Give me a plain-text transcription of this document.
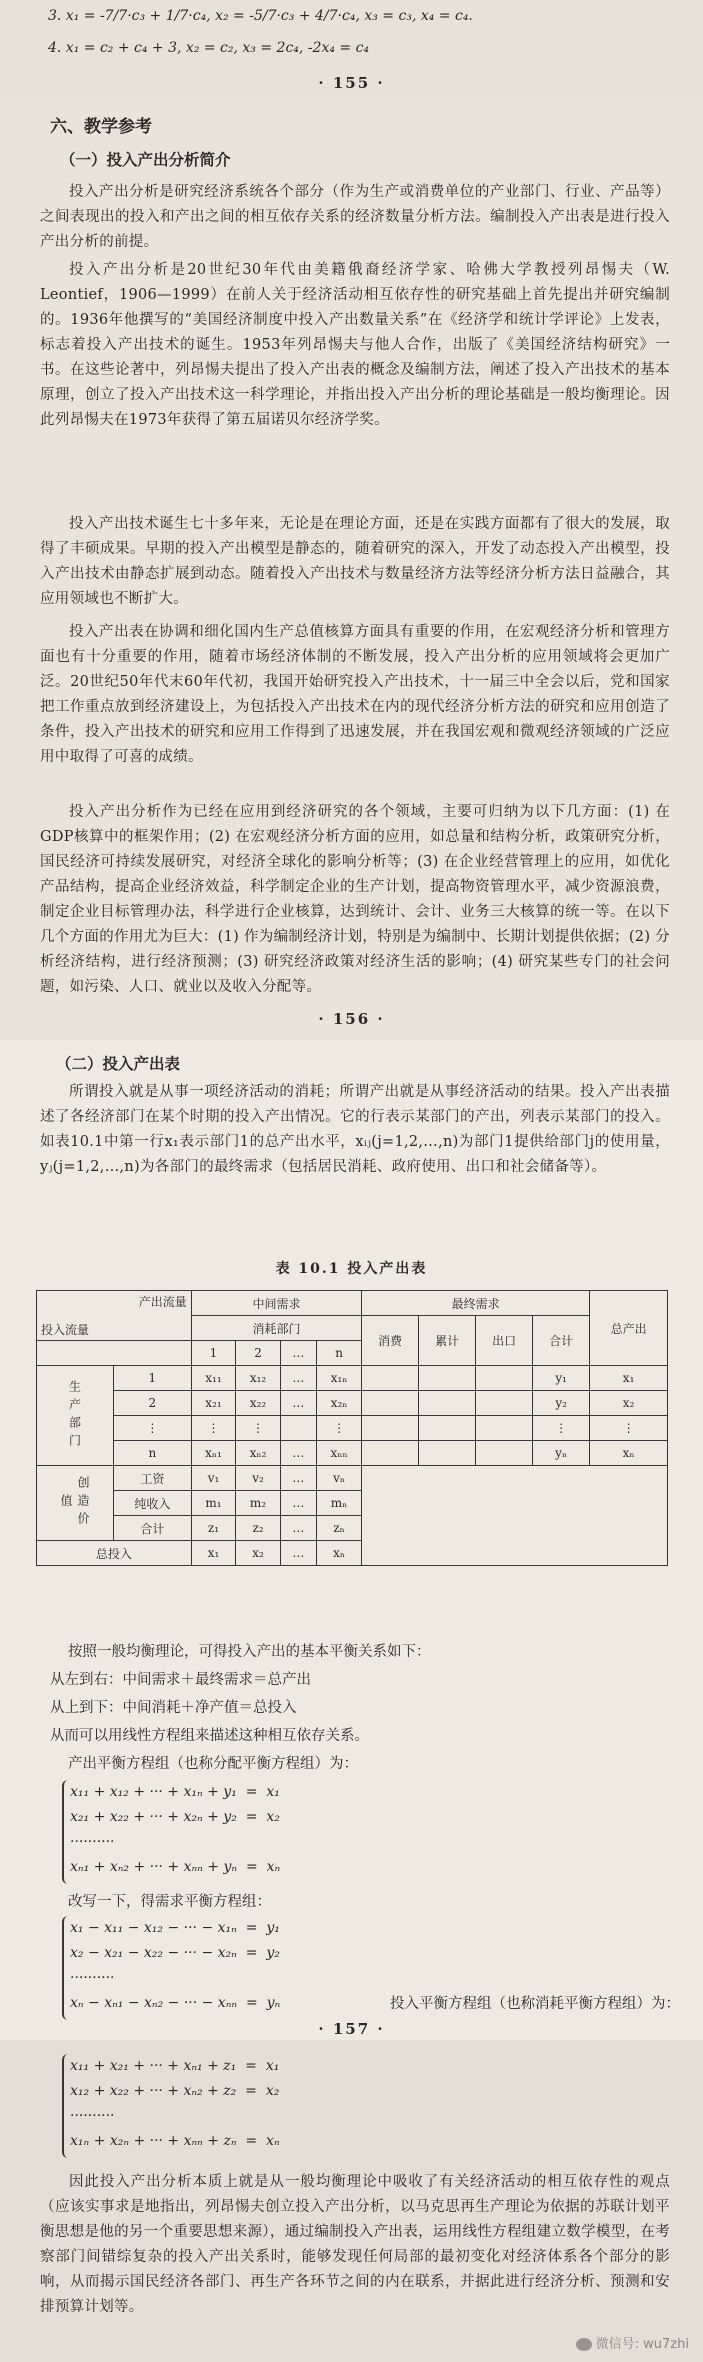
3. x₁ = -7/7·c₃ + 1/7·c₄, x₂ = -5/7·c₃ + 4/7·c₄, x₃ = c₃, x₄ = c₄.
4. x₁ = c₂ + c₄ + 3, x₂ = c₂, x₃ = 2c₄, -2x₄ = c₄
· 155 ·
六、教学参考
（一）投入产出分析简介
投入产出分析是研究经济系统各个部分（作为生产或消费单位的产业部门、行业、产品等）之间表现出的投入和产出之间的相互依存关系的经济数量分析方法。编制投入产出表是进行投入产出分析的前提。
投入产出分析是20世纪30年代由美籍俄裔经济学家、哈佛大学教授列昂惕夫（W. Leontief，1906—1999）在前人关于经济活动相互依存性的研究基础上首先提出并研究编制的。1936年他撰写的“美国经济制度中投入产出数量关系”在《经济学和统计学评论》上发表，标志着投入产出技术的诞生。1953年列昂惕夫与他人合作，出版了《美国经济结构研究》一书。在这些论著中，列昂惕夫提出了投入产出表的概念及编制方法，阐述了投入产出技术的基本原理，创立了投入产出技术这一科学理论，并指出投入产出分析的理论基础是一般均衡理论。因此列昂惕夫在1973年获得了第五届诺贝尔经济学奖。
投入产出技术诞生七十多年来，无论是在理论方面，还是在实践方面都有了很大的发展，取得了丰硕成果。早期的投入产出模型是静态的，随着研究的深入，开发了动态投入产出模型，投入产出技术由静态扩展到动态。随着投入产出技术与数量经济方法等经济分析方法日益融合，其应用领域也不断扩大。
投入产出表在协调和细化国内生产总值核算方面具有重要的作用，在宏观经济分析和管理方面也有十分重要的作用，随着市场经济体制的不断发展，投入产出分析的应用领域将会更加广泛。20世纪50年代末60年代初，我国开始研究投入产出技术，十一届三中全会以后，党和国家把工作重点放到经济建设上，为包括投入产出技术在内的现代经济分析方法的研究和应用创造了条件，投入产出技术的研究和应用工作得到了迅速发展，并在我国宏观和微观经济领域的广泛应用中取得了可喜的成绩。
投入产出分析作为已经在应用到经济研究的各个领域，主要可归纳为以下几方面：(1) 在GDP核算中的框架作用；(2) 在宏观经济分析方面的应用，如总量和结构分析，政策研究分析，国民经济可持续发展研究，对经济全球化的影响分析等；(3) 在企业经营管理上的应用，如优化产品结构，提高企业经济效益，科学制定企业的生产计划，提高物资管理水平，减少资源浪费，制定企业目标管理办法，科学进行企业核算，达到统计、会计、业务三大核算的统一等。在以下几个方面的作用尤为巨大：(1) 作为编制经济计划，特别是为编制中、长期计划提供依据；(2) 分析经济结构，进行经济预测；(3) 研究经济政策对经济生活的影响；(4) 研究某些专门的社会问题，如污染、人口、就业以及收入分配等。
· 156 ·
（二）投入产出表
所谓投入就是从事一项经济活动的消耗；所谓产出就是从事经济活动的结果。投入产出表描述了各经济部门在某个时期的投入产出情况。它的行表示某部门的产出，列表示某部门的投入。如表10.1中第一行x₁表示部门1的总产出水平，xᵢⱼ(j=1,2,…,n)为部门1提供给部门j的使用量，yⱼ(j=1,2,…,n)为各部门的最终需求（包括居民消耗、政府使用、出口和社会储备等）。
表 10.1 投入产出表
产出流量
投入流量		中间需求				最终需求				总产出
		消耗部门				消费	累计	出口	合计	
		1	2	…	n					
生产部门	1	x₁₁	x₁₂	…	x₁ₙ				y₁	x₁
	2	x₂₁	x₂₂	…	x₂ₙ				y₂	x₂
	⋮	⋮	⋮		⋮				⋮	⋮
	n	xₙ₁	xₙ₂	…	xₙₙ				yₙ	xₙ
创造价值	工资	v₁	v₂	…	vₙ					
	纯收入	m₁	m₂	…	mₙ					
	合计	z₁	z₂	…	zₙ					
总投入		x₁	x₂	…	xₙ					
按照一般均衡理论，可得投入产出的基本平衡关系如下：
从左到右：中间需求＋最终需求＝总产出
从上到下：中间消耗＋净产值＝总投入
从而可以用线性方程组来描述这种相互依存关系。
产出平衡方程组（也称分配平衡方程组）为：
x₁₁ + x₁₂ + ··· + x₁ₙ + y₁  =  x₁
x₂₁ + x₂₂ + ··· + x₂ₙ + y₂  =  x₂
··········
xₙ₁ + xₙ₂ + ··· + xₙₙ + yₙ  =  xₙ
改写一下，得需求平衡方程组：
x₁ − x₁₁ − x₁₂ − ··· − x₁ₙ  =  y₁
x₂ − x₂₁ − x₂₂ − ··· − x₂ₙ  =  y₂
··········
xₙ − xₙ₁ − xₙ₂ − ··· − xₙₙ  =  yₙ	投入平衡方程组（也称消耗平衡方程组）为：
· 157 ·
x₁₁ + x₂₁ + ··· + xₙ₁ + z₁  =  x₁
x₁₂ + x₂₂ + ··· + xₙ₂ + z₂  =  x₂
··········
x₁ₙ + x₂ₙ + ··· + xₙₙ + zₙ  =  xₙ
因此投入产出分析本质上就是从一般均衡理论中吸收了有关经济活动的相互依存性的观点（应该实事求是地指出，列昂惕夫创立投入产出分析，以马克思再生产理论为依据的苏联计划平衡思想是他的另一个重要思想来源），通过编制投入产出表，运用线性方程组建立数学模型，在考察部门间错综复杂的投入产出关系时，能够发现任何局部的最初变化对经济体系各个部分的影响，从而揭示国民经济各部门、再生产各环节之间的内在联系，并据此进行经济分析、预测和安排预算计划等。
微信号: wu7zhi
